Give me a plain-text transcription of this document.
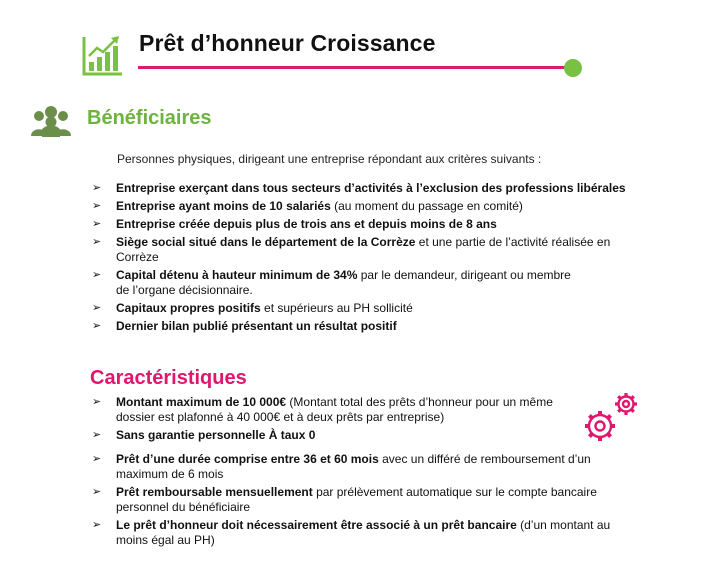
Prêt d’honneur Croissance
Bénéficiaires
Personnes physiques, dirigeant une entreprise répondant aux critères suivants :
➢ Entreprise exerçant dans tous secteurs d’activités à l’exclusion des professions libérales
➢ Entreprise ayant moins de 10 salariés (au moment du passage en comité)
➢ Entreprise créée depuis plus de trois ans et depuis moins de 8 ans
➢ Siège social situé dans le département de la Corrèze et une partie de l’activité réalisée en Corrèze
➢ Capital détenu à hauteur minimum de 34% par le demandeur, dirigeant ou membre de l’organe décisionnaire.
➢ Capitaux propres positifs et supérieurs au PH sollicité
➢ Dernier bilan publié présentant un résultat positif
Caractéristiques
➢ Montant maximum de 10 000€ (Montant total des prêts d’honneur pour un même dossier est plafonné à 40 000€ et à deux prêts par entreprise)
➢ Sans garantie personnelle À taux 0
➢ Prêt d’une durée comprise entre 36 et 60 mois avec un différé de remboursement d’un maximum de 6 mois
➢ Prêt remboursable mensuellement par prélèvement automatique sur le compte bancaire personnel du bénéficiaire
➢ Le prêt d’honneur doit nécessairement être associé à un prêt bancaire (d’un montant au moins égal au PH)
